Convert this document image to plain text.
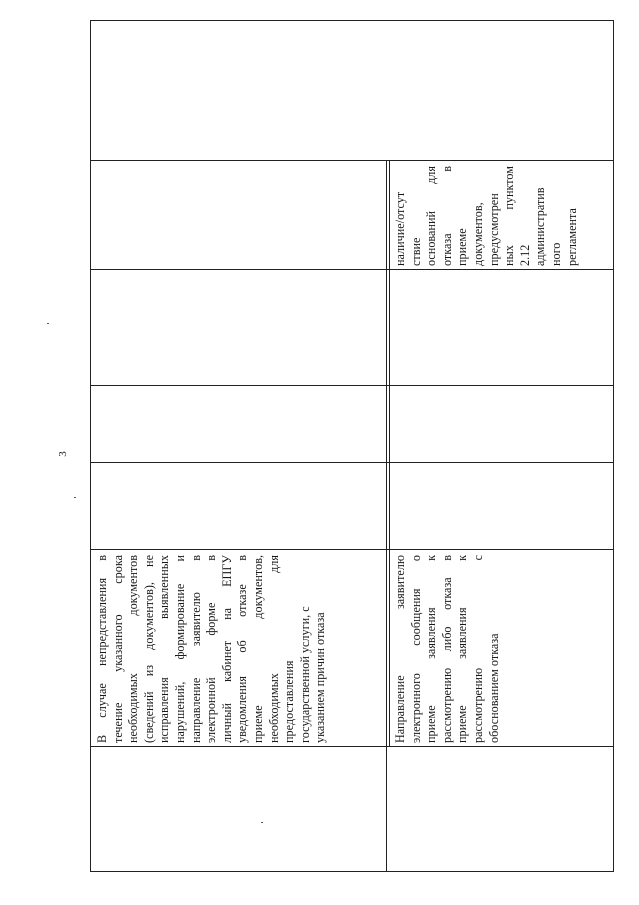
3
В случае непредставления в течение указанного срока необходимых документов (сведений из документов), не исправления выявленных нарушений, формирование и направление заявителю в электронной форме в личный кабинет на ЕПГУ уведомления об отказе в приеме документов, необходимых для предоставления государственной услуги, с указанием причин отказа	Направление заявителю электронного сообщения о приеме заявления к рассмотрению либо отказа в приеме заявления к рассмотрению с обоснованием отказа
наличие/отсут ствие оснований для отказа в приеме документов, предусмотрен ных пунктом 2.12 административ ного регламента
